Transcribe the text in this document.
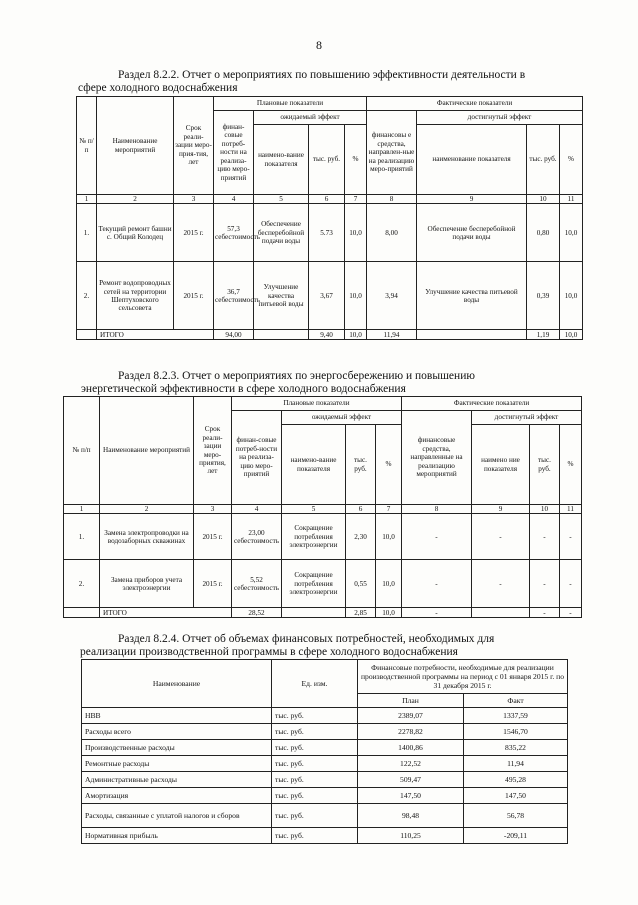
8
Раздел 8.2.2. Отчет о мероприятиях по повышению эффективности деятельности в
сфере холодного водоснабжения
№ п/п	Наименование мероприятий	Срок реали-зации меро-прия-тия, лет	Плановые показатели				Фактические показатели			
			финан-совые потреб-ности на реализа-цию меро-приятий	ожидаемый эффект			финансовы е средства, направлен-ные на реализацию меро-приятий	достигнутый эффект		
				наимено-вание показателя	тыс. руб.	%		наименование показателя	тыс. руб.	%
1	2	3	4	5	6	7	8	9	10	11
1.	Текущий ремонт башни с. Общий Колодец	2015 г.	57,3 себестоимость	Обеспечение бесперебойной подачи воды	5.73	10,0	8,00	Обеспечение бесперебойной подачи воды	0,80	10,0
2.	Ремонт водопроводных сетей на территории Шептуховского сельсовета	2015 г.	36,7 себестоимость	Улучшение качества питьевой воды	3,67	10,0	3,94	Улучшение качества питьевой воды	0,39	10,0
	ИТОГО		94,00		9,40	10,0	11,94		1,19	10,0
Раздел 8.2.3. Отчет о мероприятиях по энергосбережению и повышению
энергетической эффективности в сфере холодного водоснабжения
№ п/п	Наименование мероприятий	Срок реали-зации меро-приятия, лет	Плановые показатели				Фактические показатели			
			финан-совые потреб-ности на реализа-цию меро-приятий	ожидаемый эффект			финансовые средства, направленные на реализацию мероприятий	достигнутый эффект		
				наимено-вание показателя	тыс. руб.	%		наимено ние показателя	тыс. руб.	%
1	2	3	4	5	6	7	8	9	10	11
1.	Замена электропроводки на водозаборных скважинах	2015 г.	23,00 себестоимость	Сокращение потребления электроэнергии	2,30	10,0	-	-	-	-
2.	Замена приборов учета электроэнергии	2015 г.	5,52 себестоимость	Сокращение потребления электроэнергии	0,55	10,0	-	-	-	-
	ИТОГО		28,52		2,85	10,0	-		-	-
Раздел 8.2.4. Отчет об объемах финансовых потребностей, необходимых для
реализации производственной программы в сфере холодного водоснабжения
Наименование	Ед. изм.	Финансовые потребности, необходимые для реализации производственной программы на период с 01 января 2015 г. по 31 декабря 2015 г.	
		План	Факт
НВВ	тыс. руб.	2389,07	1337,59
Расходы всего	тыс. руб.	2278,82	1546,70
Производственные расходы	тыс. руб.	1400,86	835,22
Ремонтные расходы	тыс. руб.	122,52	11,94
Административные расходы	тыс. руб.	509,47	495,28
Амортизация	тыс. руб.	147,50	147,50
Расходы, связанные с уплатой налогов и сборов	тыс. руб.	98,48	56,78
Нормативная прибыль	тыс. руб.	110,25	-209,11
